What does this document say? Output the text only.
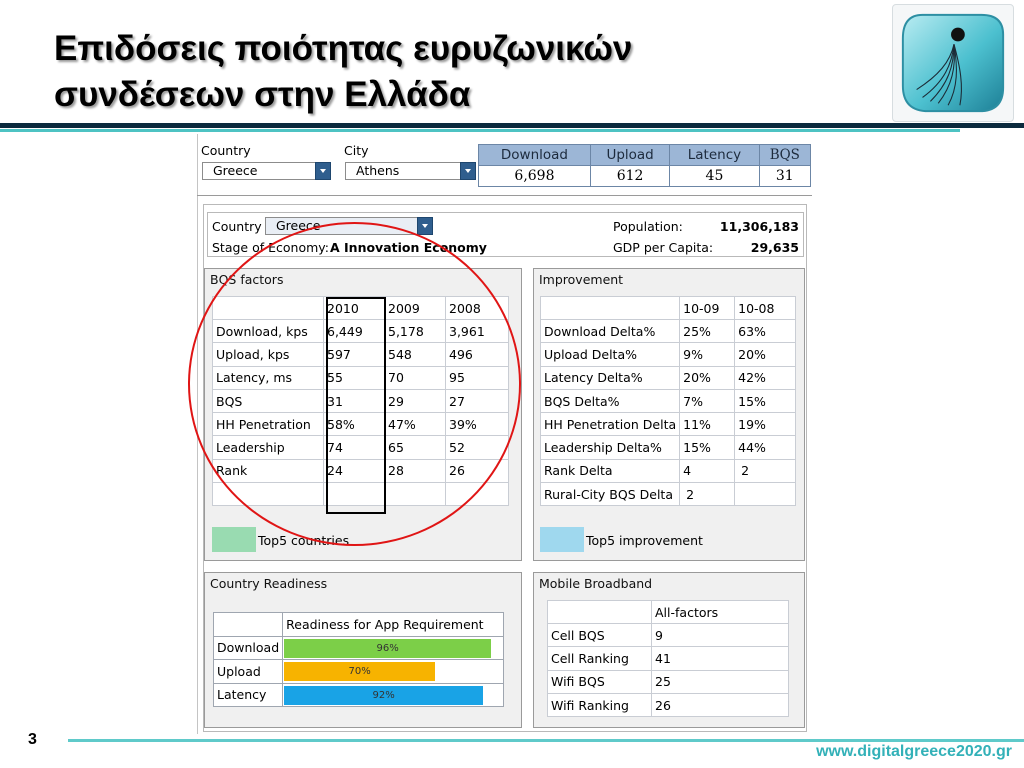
Επιδόσεις ποιότητας ευρυζωνικών
συνδέσεων στην Ελλάδα
Country
Greece
City
Athens
Download	Upload	Latency	BQS
6,698	612	45	31
Country	Greece
Stage of Economy: A Innovation Economy
Population:	11,306,183
GDP per Capita:	29,635
BQS factors
	2010	2009	2008
Download, kps	6,449	5,178	3,961
Upload, kps	597	548	496
Latency, ms	55	70	95
BQS	31	29	27
HH Penetration	58%	47%	39%
Leadership	74	65	52
Rank	24	28	26

Top5 countries
Improvement
	10-09	10-08
Download Delta%	25%	63%
Upload Delta%	9%	20%
Latency Delta%	20%	42%
BQS Delta%	7%	15%
HH Penetration Delta	11%	19%
Leadership Delta%	15%	44%
Rank Delta	4	2
Rural-City BQS Delta	2	
Top5 improvement
Country Readiness
	Readiness for App Requirement
Download	96%

Upload	70%

Latency	92%
Mobile Broadband
	All-factors
Cell BQS	9
Cell Ranking	41
Wifi BQS	25
Wifi Ranking	26
3
www.digitalgreece2020.gr
